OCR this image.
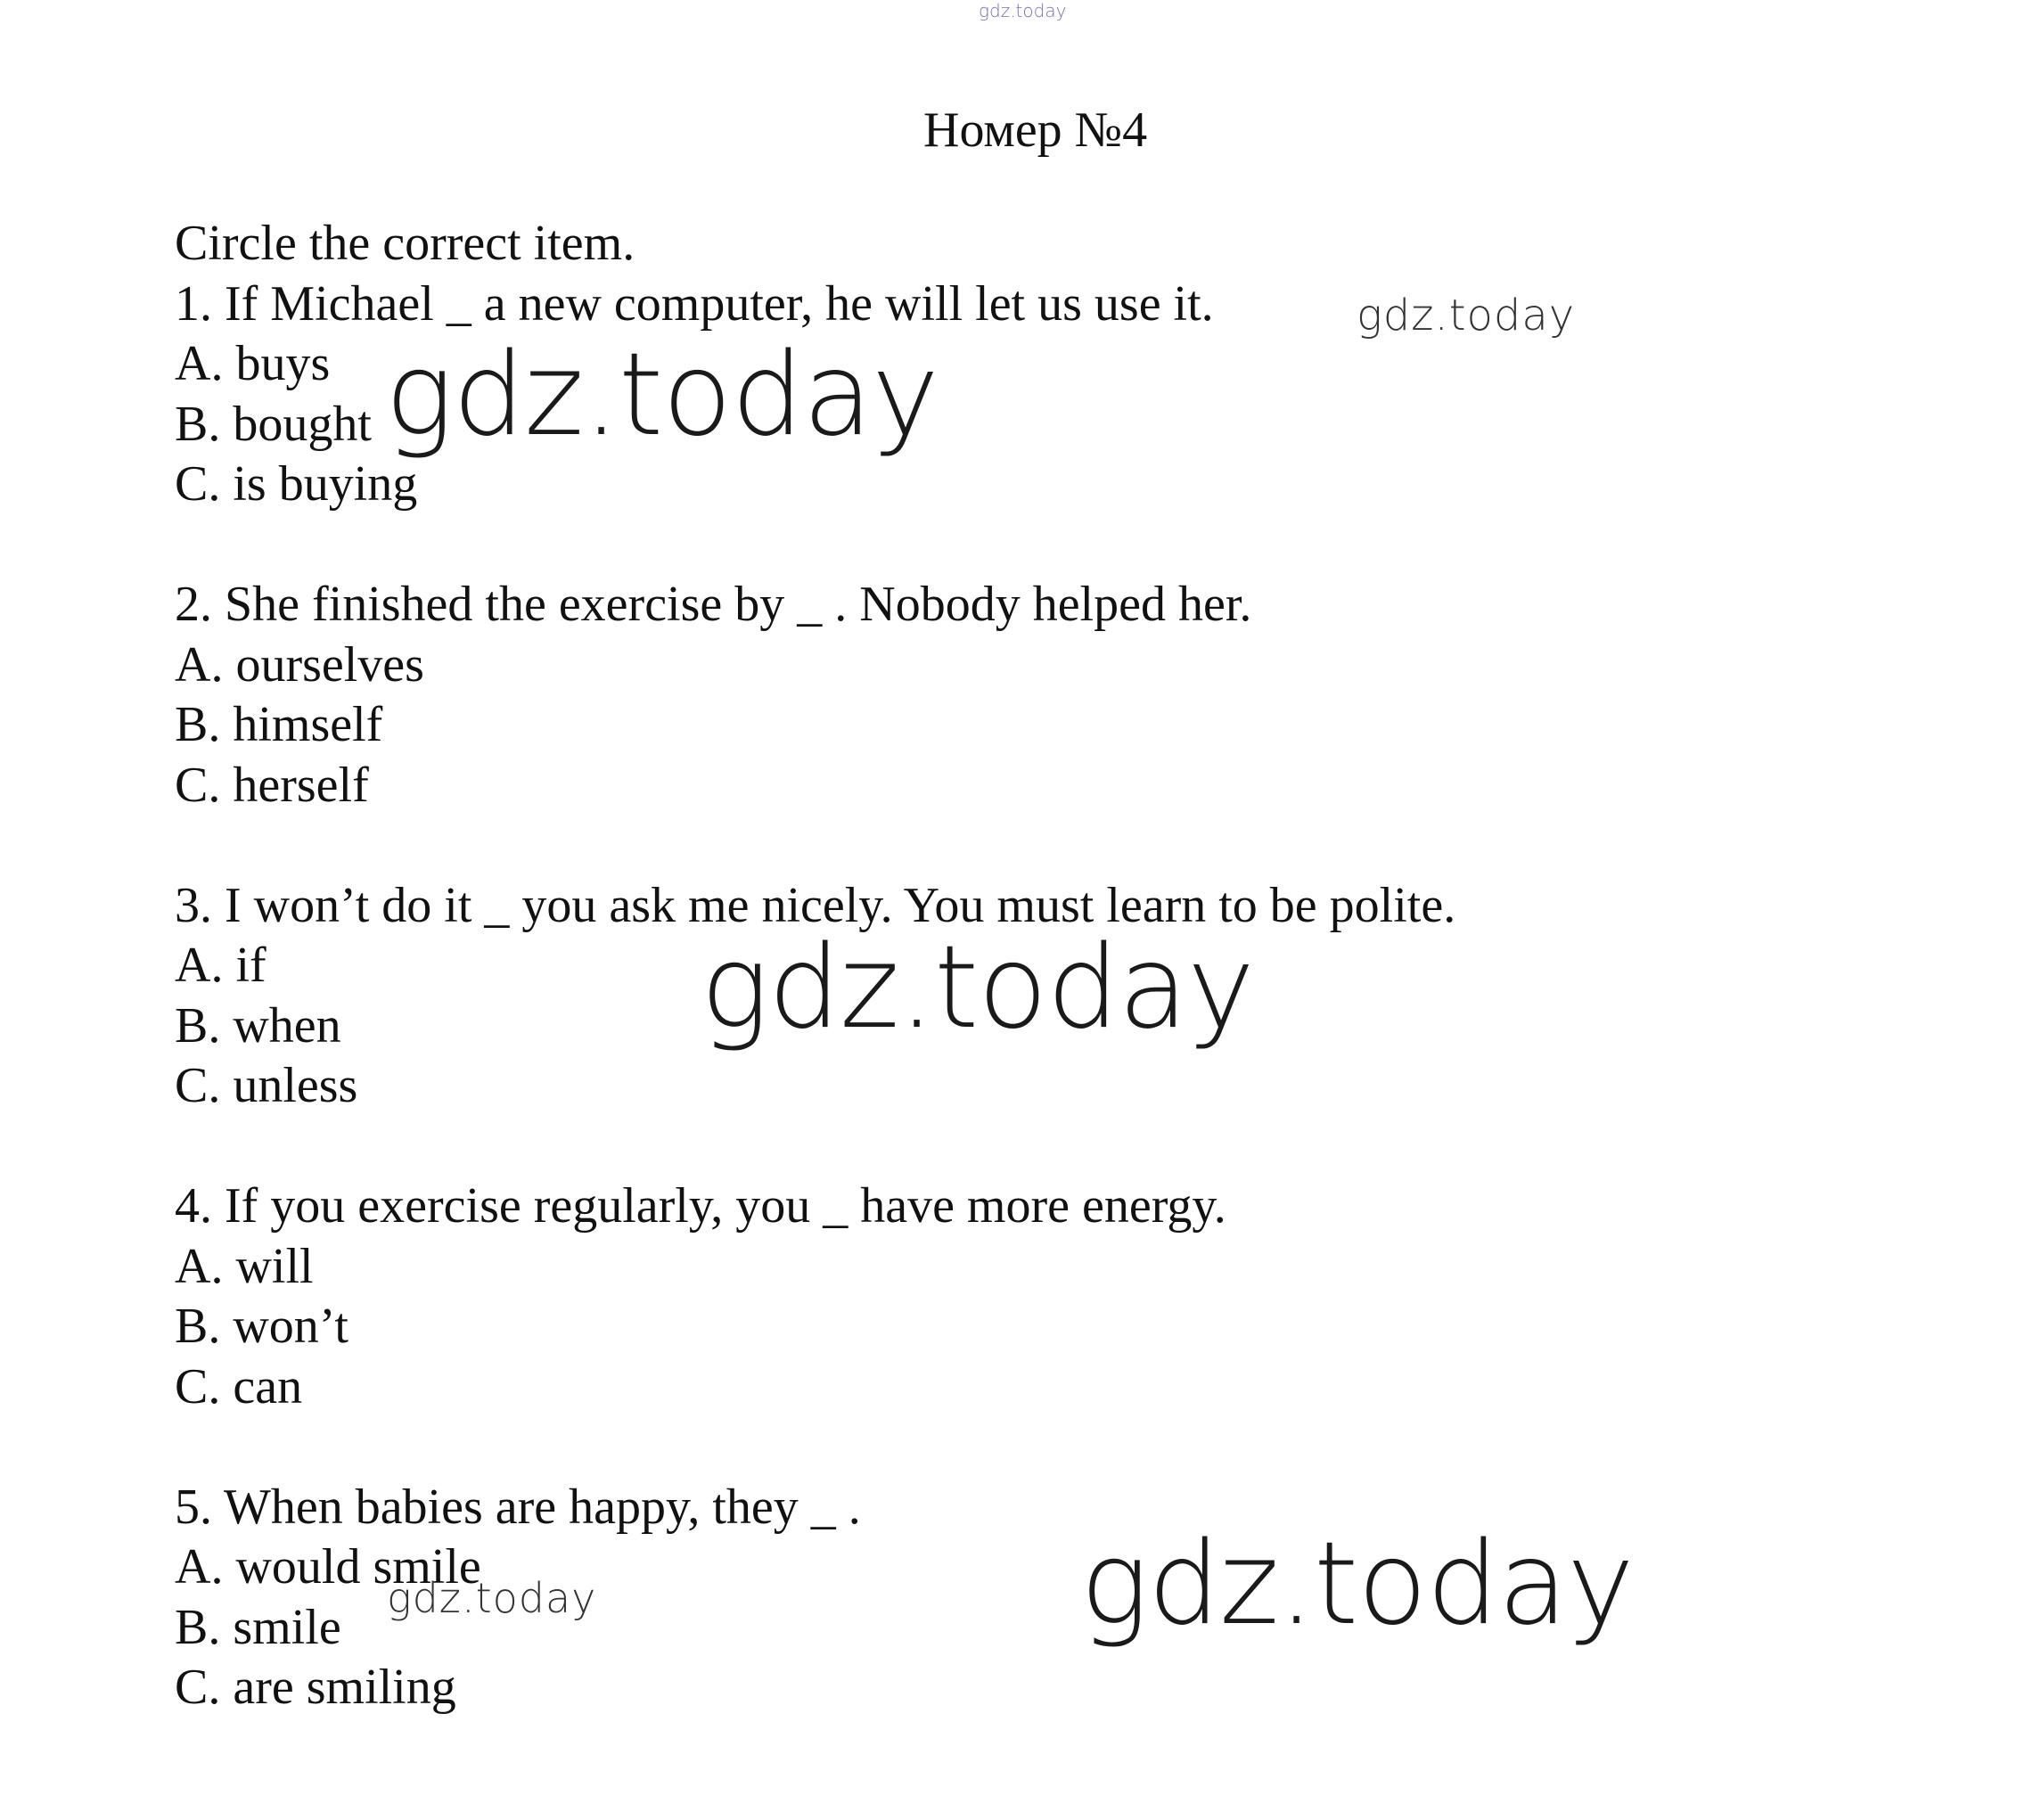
gdz.today
Номер №4
Circle the correct item.
1. If Michael _ a new computer, he will let us use it.
A. buys
B. bought
C. is buying
2. She finished the exercise by _ . Nobody helped her.
A. ourselves
B. himself
C. herself
3. I won’t do it _ you ask me nicely. You must learn to be polite.
A. if
B. when
C. unless
4. If you exercise regularly, you _ have more energy.
A. will
B. won’t
C. can
5. When babies are happy, they _ .
A. would smile
B. smile
C. are smiling
gdz.today
gdz.today
gdz.today
gdz.today
gdz.today
